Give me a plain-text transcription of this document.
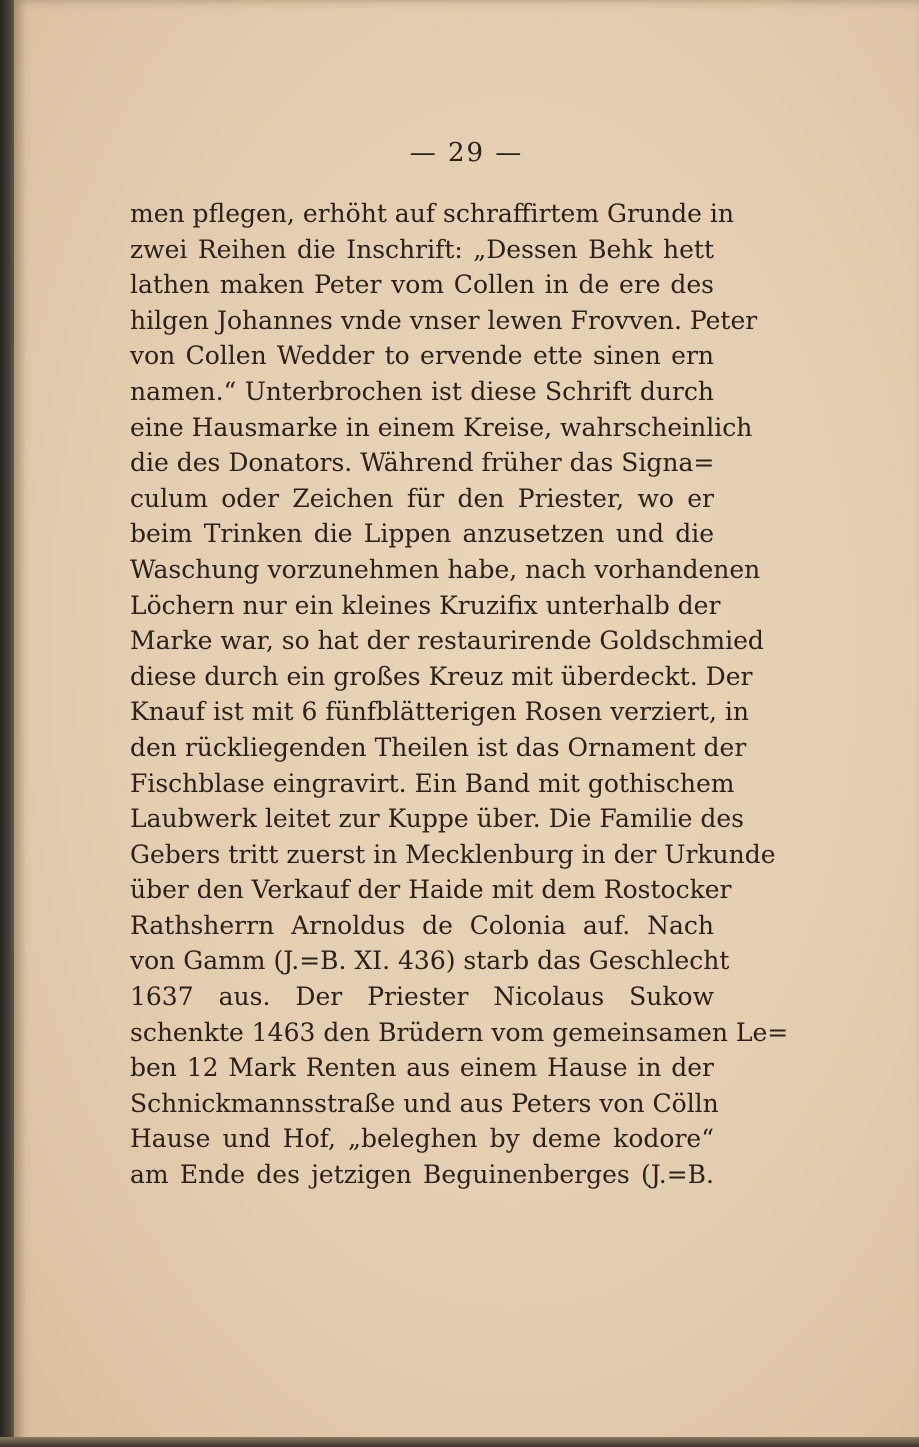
— 29 —
men pflegen, erhöht auf schraffirtem Grunde in
zwei Reihen die Inschrift: „Dessen Behk hett
lathen maken Peter vom Collen in de ere des
hilgen Johannes vnde vnser lewen Frovven. Peter
von Collen Wedder to ervende ette sinen ern
namen.“ Unterbrochen ist diese Schrift durch
eine Hausmarke in einem Kreise, wahrscheinlich
die des Donators. Während früher das Signa=
culum oder Zeichen für den Priester, wo er
beim Trinken die Lippen anzusetzen und die
Waschung vorzunehmen habe, nach vorhandenen
Löchern nur ein kleines Kruzifix unterhalb der
Marke war, so hat der restaurirende Goldschmied
diese durch ein großes Kreuz mit überdeckt. Der
Knauf ist mit 6 fünfblätterigen Rosen verziert, in
den rückliegenden Theilen ist das Ornament der
Fischblase eingravirt. Ein Band mit gothischem
Laubwerk leitet zur Kuppe über. Die Familie des
Gebers tritt zuerst in Mecklenburg in der Urkunde
über den Verkauf der Haide mit dem Rostocker
Rathsherrn Arnoldus de Colonia auf. Nach
von Gamm (J.=B. XI. 436) starb das Geschlecht
1637 aus. Der Priester Nicolaus Sukow
schenkte 1463 den Brüdern vom gemeinsamen Le=
ben 12 Mark Renten aus einem Hause in der
Schnickmannsstraße und aus Peters von Cölln
Hause und Hof, „beleghen by deme kodore“
am Ende des jetzigen Beguinenberges (J.=B.
